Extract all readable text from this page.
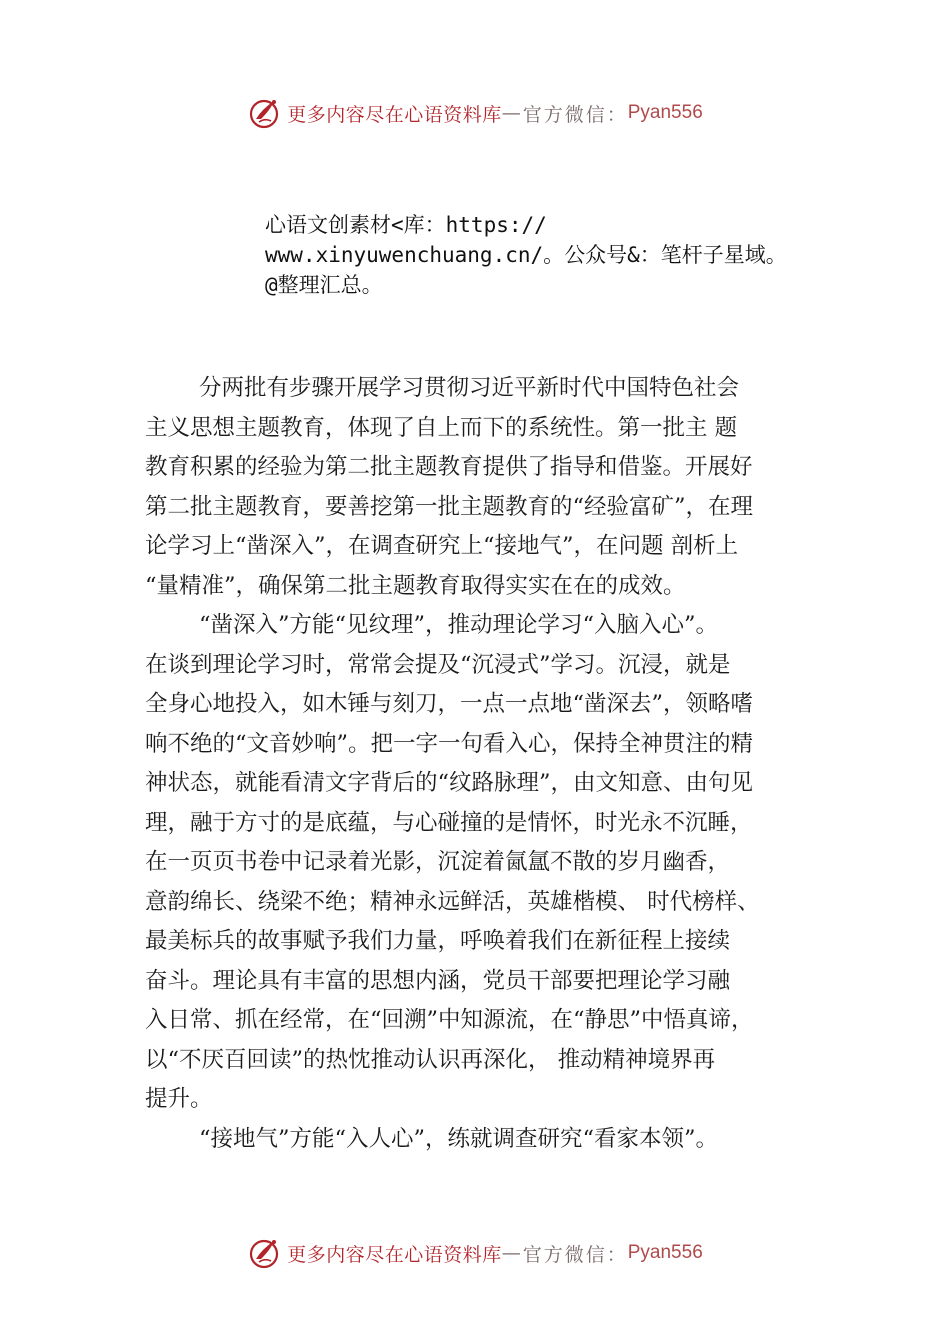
更多内容尽在心语资料库 — 官方微信： Pyan556
心语文创素材<库：https://
www.xinyuwenchuang.cn/。公众号&：笔杆子星域。
@整理汇总。
分两批有步骤开展学习贯彻习近平新时代中国特色社会
主义思想主题教育，体现了自上而下的系统性。第一批主 题
教育积累的经验为第二批主题教育提供了指导和借鉴。开展好
第二批主题教育，要善挖第一批主题教育的“经验富矿”，在理
论学习上“凿深入”，在调查研究上“接地气”，在问题 剖析上
“量精准”，确保第二批主题教育取得实实在在的成效。
“凿深入”方能“见纹理”，推动理论学习“入脑入心”。
在谈到理论学习时，常常会提及“沉浸式”学习。沉浸，就是
全身心地投入，如木锤与刻刀，一点一点地“凿深去”，领略嗜
响不绝的“文音妙响”。把一字一句看入心，保持全神贯注的精
神状态，就能看清文字背后的“纹路脉理”，由文知意、由句见
理，融于方寸的是底蕴，与心碰撞的是情怀，时光永不沉睡，
在一页页书卷中记录着光影，沉淀着氤氲不散的岁月幽香，
意韵绵长、绕梁不绝；精神永远鲜活，英雄楷模、 时代榜样、
最美标兵的故事赋予我们力量，呼唤着我们在新征程上接续
奋斗。理论具有丰富的思想内涵，党员干部要把理论学习融
入日常、抓在经常，在“回溯”中知源流，在“静思”中悟真谛，
以“不厌百回读”的热忱推动认识再深化， 推动精神境界再
提升。
“接地气”方能“入人心”，练就调查研究“看家本领”。
更多内容尽在心语资料库 — 官方微信： Pyan556
